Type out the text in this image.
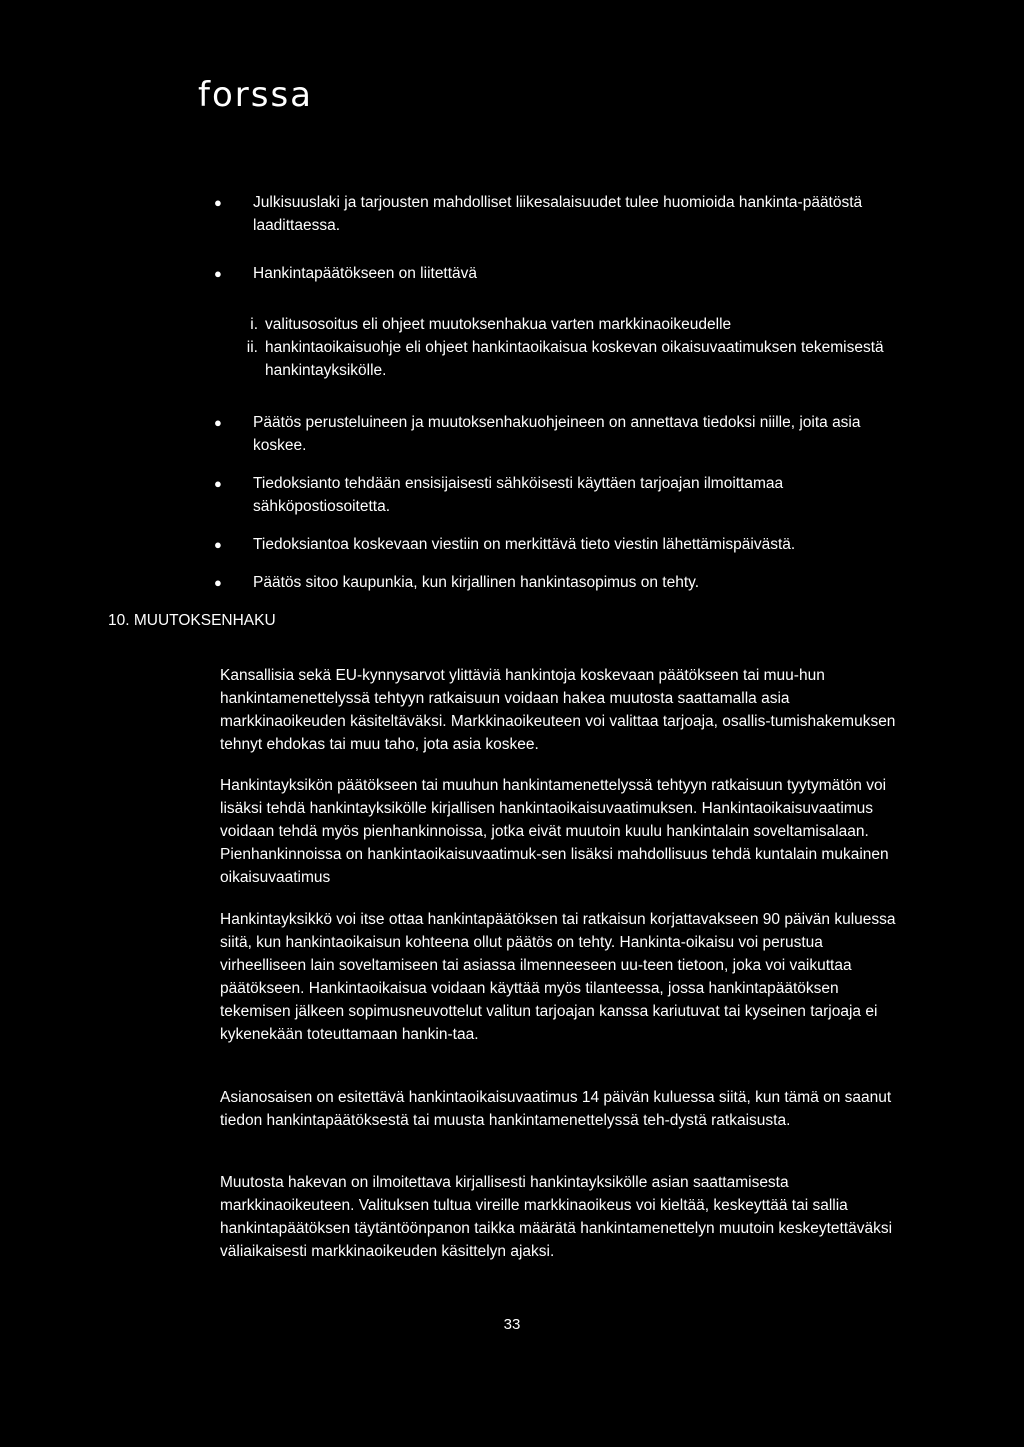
forssa
● Julkisuuslaki ja tarjousten mahdolliset liikesalaisuudet tulee huomioida hankinta-päätöstä laadittaessa.
● Hankintapäätökseen on liitettävä
i. valitusosoitus eli ohjeet muutoksenhakua varten markkinaoikeudelle
ii. hankintaoikaisuohje eli ohjeet hankintaoikaisua koskevan oikaisuvaatimuksen tekemisestä hankintayksikölle.
● Päätös perusteluineen ja muutoksenhakuohjeineen on annettava tiedoksi niille, joita asia koskee.
● Tiedoksianto tehdään ensisijaisesti sähköisesti käyttäen tarjoajan ilmoittamaa sähköpostiosoitetta.
● Tiedoksiantoa koskevaan viestiin on merkittävä tieto viestin lähettämispäivästä.
● Päätös sitoo kaupunkia, kun kirjallinen hankintasopimus on tehty.
10. MUUTOKSENHAKU

Kansallisia sekä EU-kynnysarvot ylittäviä hankintoja koskevaan päätökseen tai muu-hun hankintamenettelyssä tehtyyn ratkaisuun voidaan hakea muutosta saattamalla asia markkinaoikeuden käsiteltäväksi. Markkinaoikeuteen voi valittaa tarjoaja, osallis-tumishakemuksen tehnyt ehdokas tai muu taho, jota asia koskee.

Hankintayksikön päätökseen tai muuhun hankintamenettelyssä tehtyyn ratkaisuun tyytymätön voi lisäksi tehdä hankintayksikölle kirjallisen hankintaoikaisuvaatimuksen. Hankintaoikaisuvaatimus voidaan tehdä myös pienhankinnoissa, jotka eivät muutoin kuulu hankintalain soveltamisalaan. Pienhankinnoissa on hankintaoikaisuvaatimuk-sen lisäksi mahdollisuus tehdä kuntalain mukainen oikaisuvaatimus

Hankintayksikkö voi itse ottaa hankintapäätöksen tai ratkaisun korjattavakseen 90 päivän kuluessa siitä, kun hankintaoikaisun kohteena ollut päätös on tehty. Hankinta-oikaisu voi perustua virheelliseen lain soveltamiseen tai asiassa ilmenneeseen uu-teen tietoon, joka voi vaikuttaa päätökseen. Hankintaoikaisua voidaan käyttää myös tilanteessa, jossa hankintapäätöksen tekemisen jälkeen sopimusneuvottelut valitun tarjoajan kanssa kariutuvat tai kyseinen tarjoaja ei kykenekään toteuttamaan hankin-taa.

Asianosaisen on esitettävä hankintaoikaisuvaatimus 14 päivän kuluessa siitä, kun tämä on saanut tiedon hankintapäätöksestä tai muusta hankintamenettelyssä teh-dystä ratkaisusta.

Muutosta hakevan on ilmoitettava kirjallisesti hankintayksikölle asian saattamisesta markkinaoikeuteen. Valituksen tultua vireille markkinaoikeus voi kieltää, keskeyttää tai sallia hankintapäätöksen täytäntöönpanon taikka määrätä hankintamenettelyn muutoin keskeytettäväksi väliaikaisesti markkinaoikeuden käsittelyn ajaksi.

33
